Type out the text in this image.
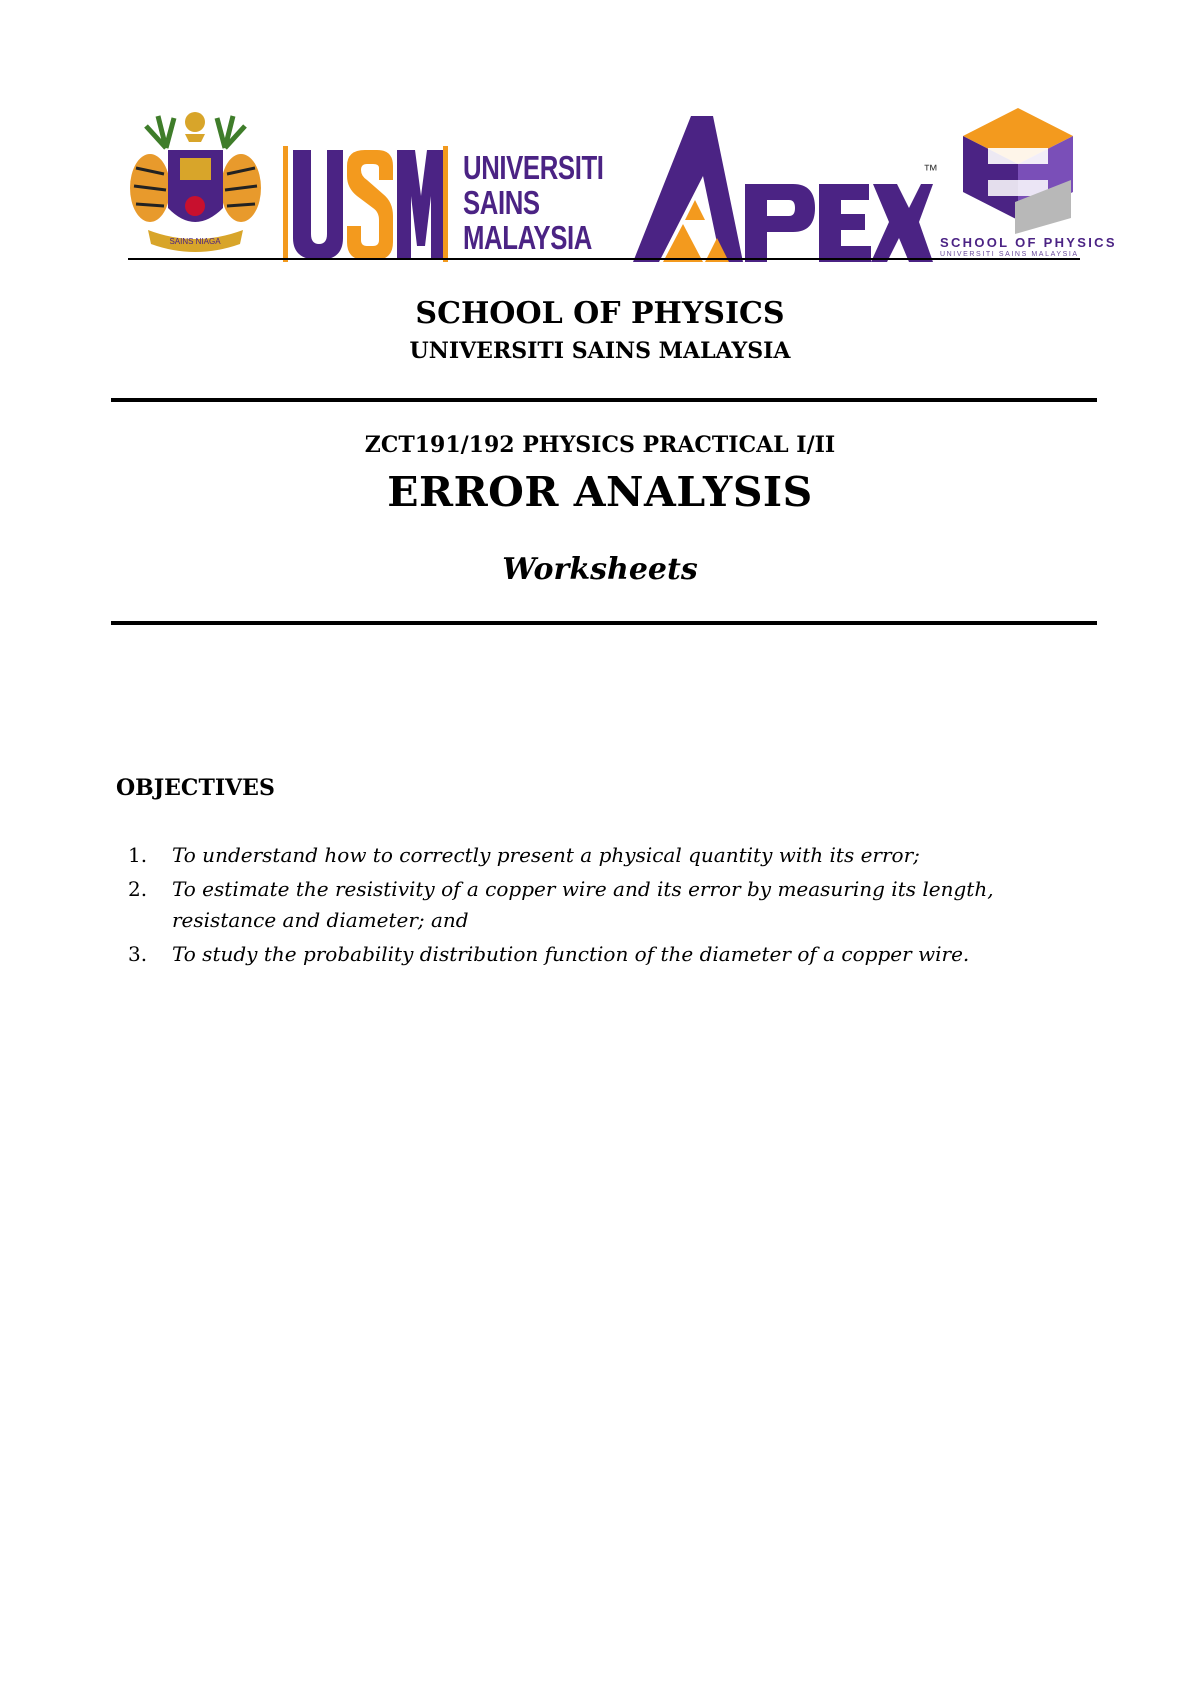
SAINS NIAGA
UNIVERSITI
SAINS
MALAYSIA
™
SCHOOL OF PHYSICS
UNIVERSITI SAINS MALAYSIA
SCHOOL OF PHYSICS
UNIVERSITI SAINS MALAYSIA
ZCT191/192 PHYSICS PRACTICAL I/II
ERROR ANALYSIS
Worksheets
OBJECTIVES
1. To understand how to correctly present a physical quantity with its error;
2. To estimate the resistivity of a copper wire and its error by measuring its length, resistance and diameter; and
3. To study the probability distribution function of the diameter of a copper wire.
